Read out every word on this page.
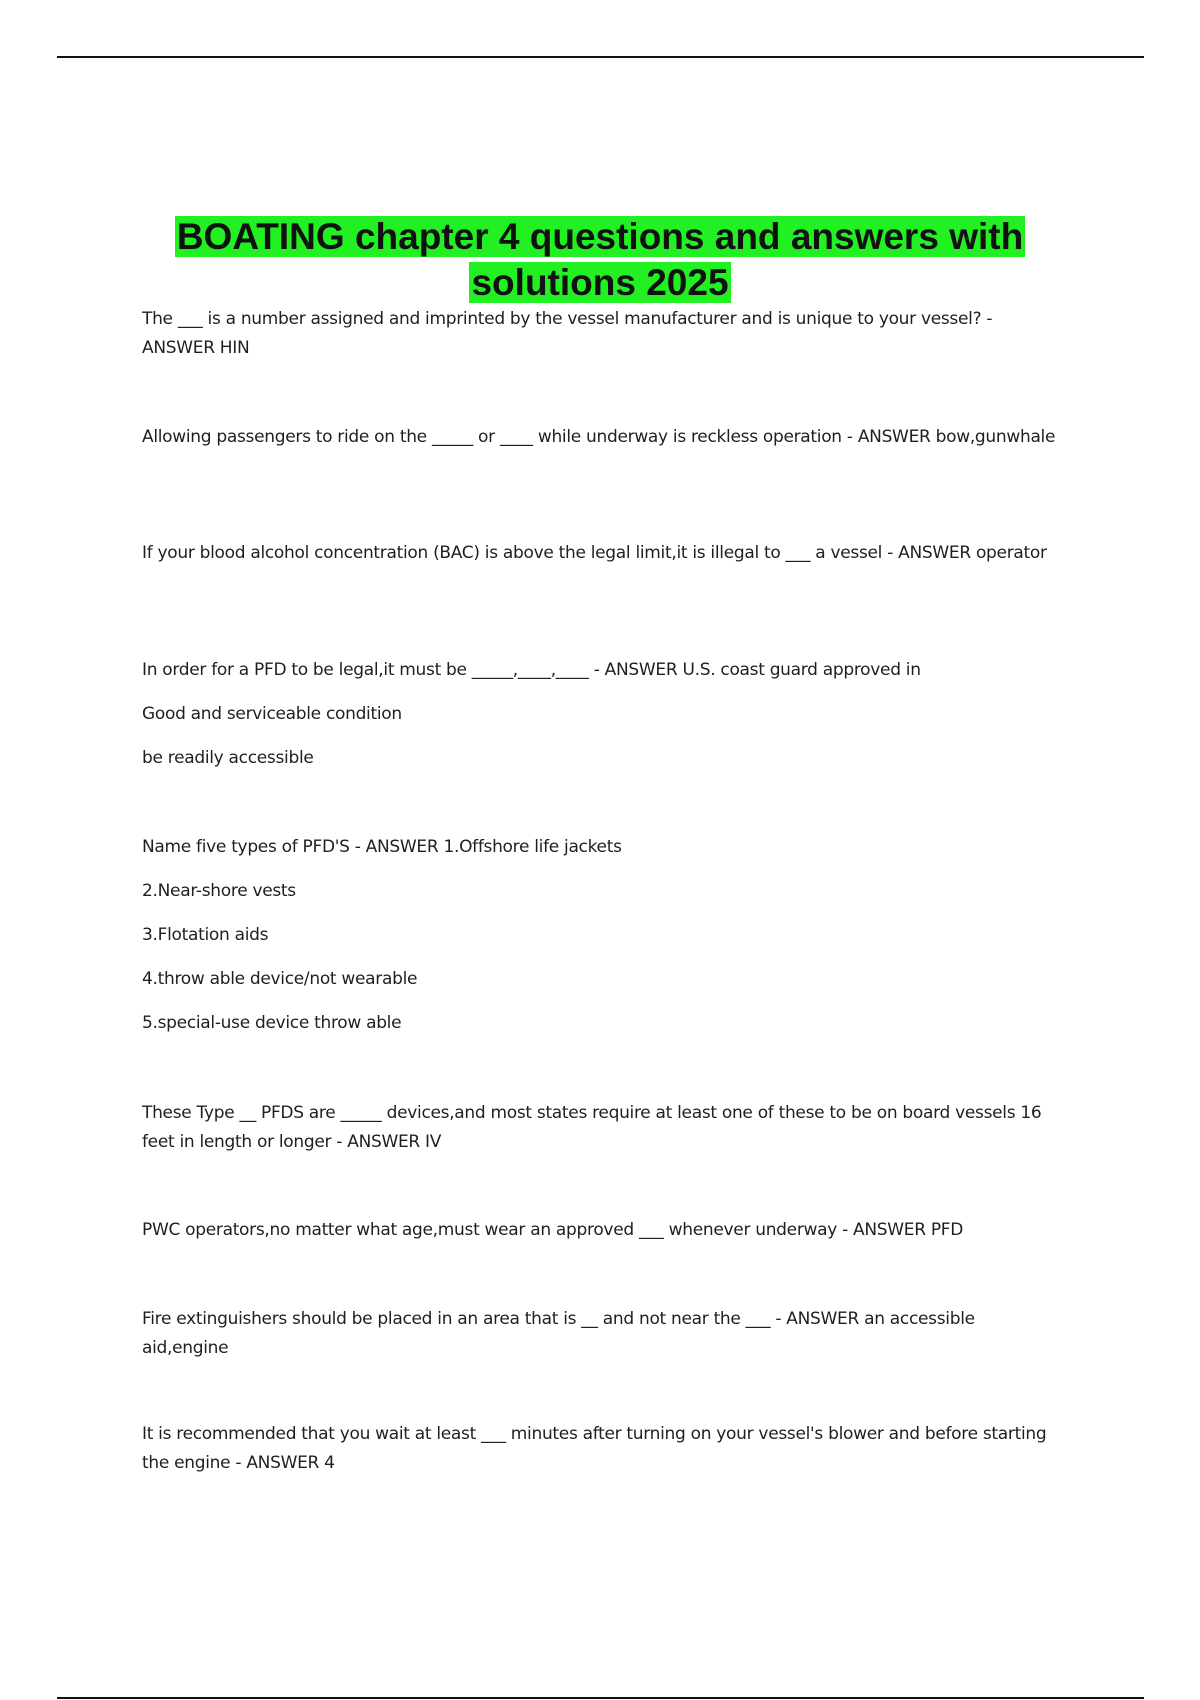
BOATING chapter 4 questions and answers with
solutions 2025

The ___ is a number assigned and imprinted by the vessel manufacturer and is unique to your vessel? - ANSWER HIN

Allowing passengers to ride on the _____ or ____ while underway is reckless operation - ANSWER bow,gunwhale

If your blood alcohol concentration (BAC) is above the legal limit,it is illegal to ___ a vessel - ANSWER operator

In order for a PFD to be legal,it must be _____,____,____ - ANSWER U.S. coast guard approved in

Good and serviceable condition

be readily accessible

Name five types of PFD'S - ANSWER 1.Offshore life jackets

2.Near-shore vests

3.Flotation aids

4.throw able device/not wearable

5.special-use device throw able

These Type __ PFDS are _____ devices,and most states require at least one of these to be on board vessels 16 feet in length or longer - ANSWER IV

PWC operators,no matter what age,must wear an approved ___ whenever underway - ANSWER PFD

Fire extinguishers should be placed in an area that is __ and not near the ___ - ANSWER an accessible aid,engine

It is recommended that you wait at least ___ minutes after turning on your vessel's blower and before starting the engine - ANSWER 4
